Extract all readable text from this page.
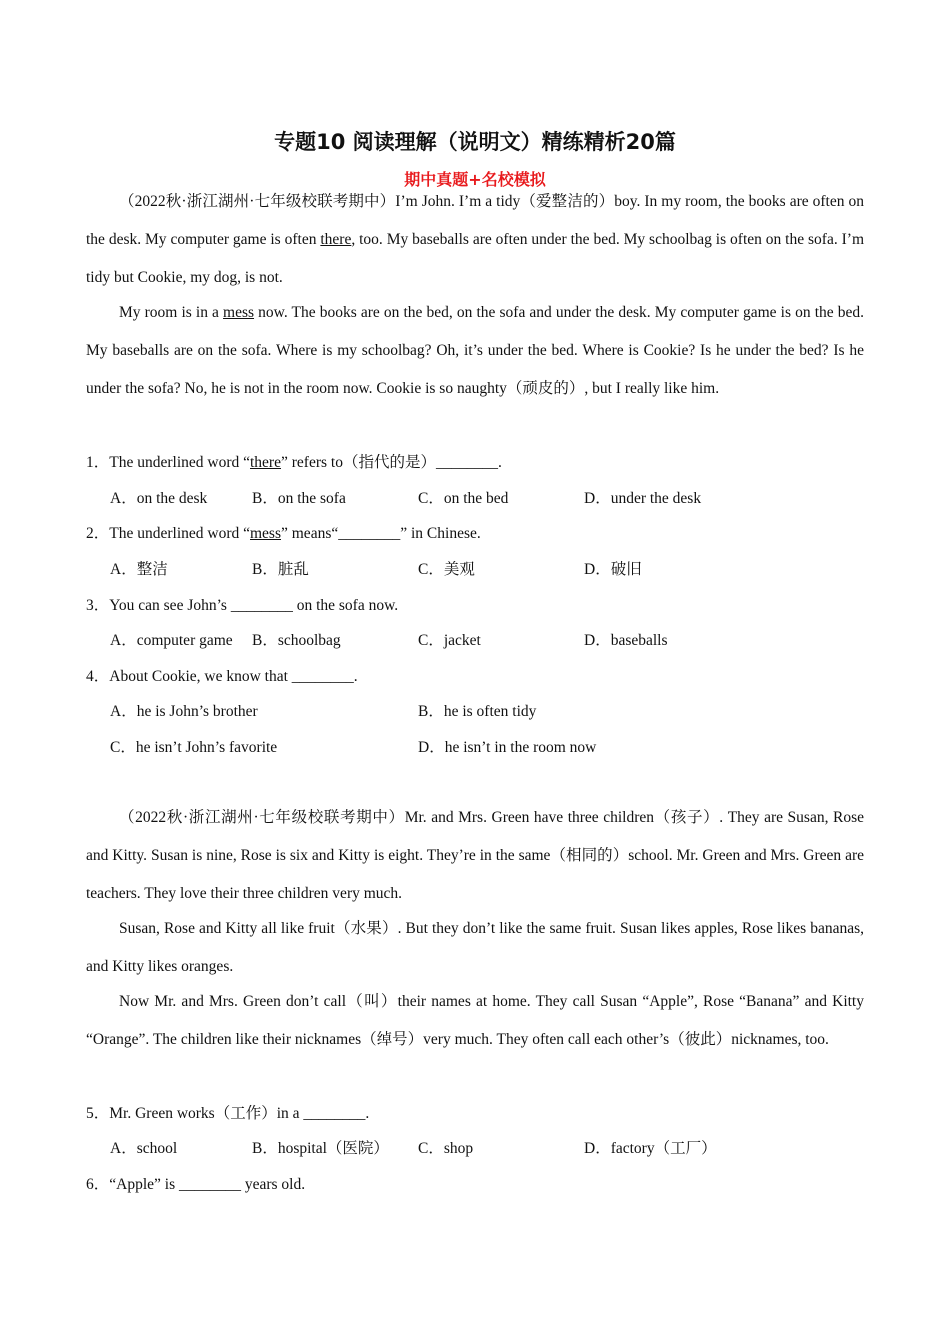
专题10 阅读理解（说明文）精练精析20篇
期中真题+名校模拟

（2022秋·浙江湖州·七年级校联考期中）I’m John. I’m a tidy（爱整洁的）boy. In my room, the books are often on the desk. My computer game is often there, too. My baseballs are often under the bed. My schoolbag is often on the sofa. I’m tidy but Cookie, my dog, is not.

My room is in a mess now. The books are on the bed, on the sofa and under the desk. My computer game is on the bed. My baseballs are on the sofa. Where is my schoolbag? Oh, it’s under the bed. Where is Cookie? Is he under the bed? Is he under the sofa? No, he is not in the room now. Cookie is so naughty（顽皮的）, but I really like him.

1．The underlined word “there” refers to（指代的是）________.
A．on the desk	B．on the sofa	C．on the bed	D．under the desk
2．The underlined word “mess” means“________” in Chinese.
A．整洁	B．脏乱	C．美观	D．破旧
3．You can see John’s ________ on the sofa now.
A．computer game B．schoolbag	C．jacket	D．baseballs
4．About Cookie, we know that ________.
A．he is John’s brother	B．he is often tidy
C．he isn’t John’s favorite	D．he isn’t in the room now

（2022秋·浙江湖州·七年级校联考期中）Mr. and Mrs. Green have three children（孩子）. They are Susan, Rose and Kitty. Susan is nine, Rose is six and Kitty is eight. They’re in the same（相同的）school. Mr. Green and Mrs. Green are teachers. They love their three children very much.

Susan, Rose and Kitty all like fruit（水果）. But they don’t like the same fruit. Susan likes apples, Rose likes bananas, and Kitty likes oranges.

Now Mr. and Mrs. Green don’t call（叫）their names at home. They call Susan “Apple”, Rose “Banana” and Kitty “Orange”. The children like their nicknames（绰号）very much. They often call each other’s（彼此）nicknames, too.

5．Mr. Green works（工作）in a ________.
A．school	B．hospital（医院） C．shop	D．factory（工厂）
6．“Apple” is ________ years old.
